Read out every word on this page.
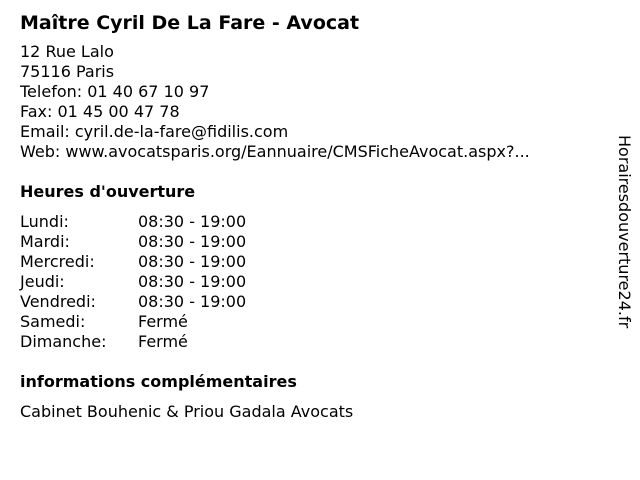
Maître Cyril De La Fare - Avocat
12 Rue Lalo
75116 Paris
Telefon: 01 40 67 10 97
Fax: 01 45 00 47 78
Email: cyril.de-la-fare@fidilis.com
Web: www.avocatsparis.org/Eannuaire/CMSFicheAvocat.aspx?...
Heures d'ouverture
Lundi:	08:30 - 19:00
Mardi:	08:30 - 19:00
Mercredi:	08:30 - 19:00
Jeudi:	08:30 - 19:00
Vendredi:	08:30 - 19:00
Samedi:	Fermé
Dimanche:	Fermé
informations complémentaires
Cabinet Bouhenic & Priou Gadala Avocats
Horairesdouverture24.fr
